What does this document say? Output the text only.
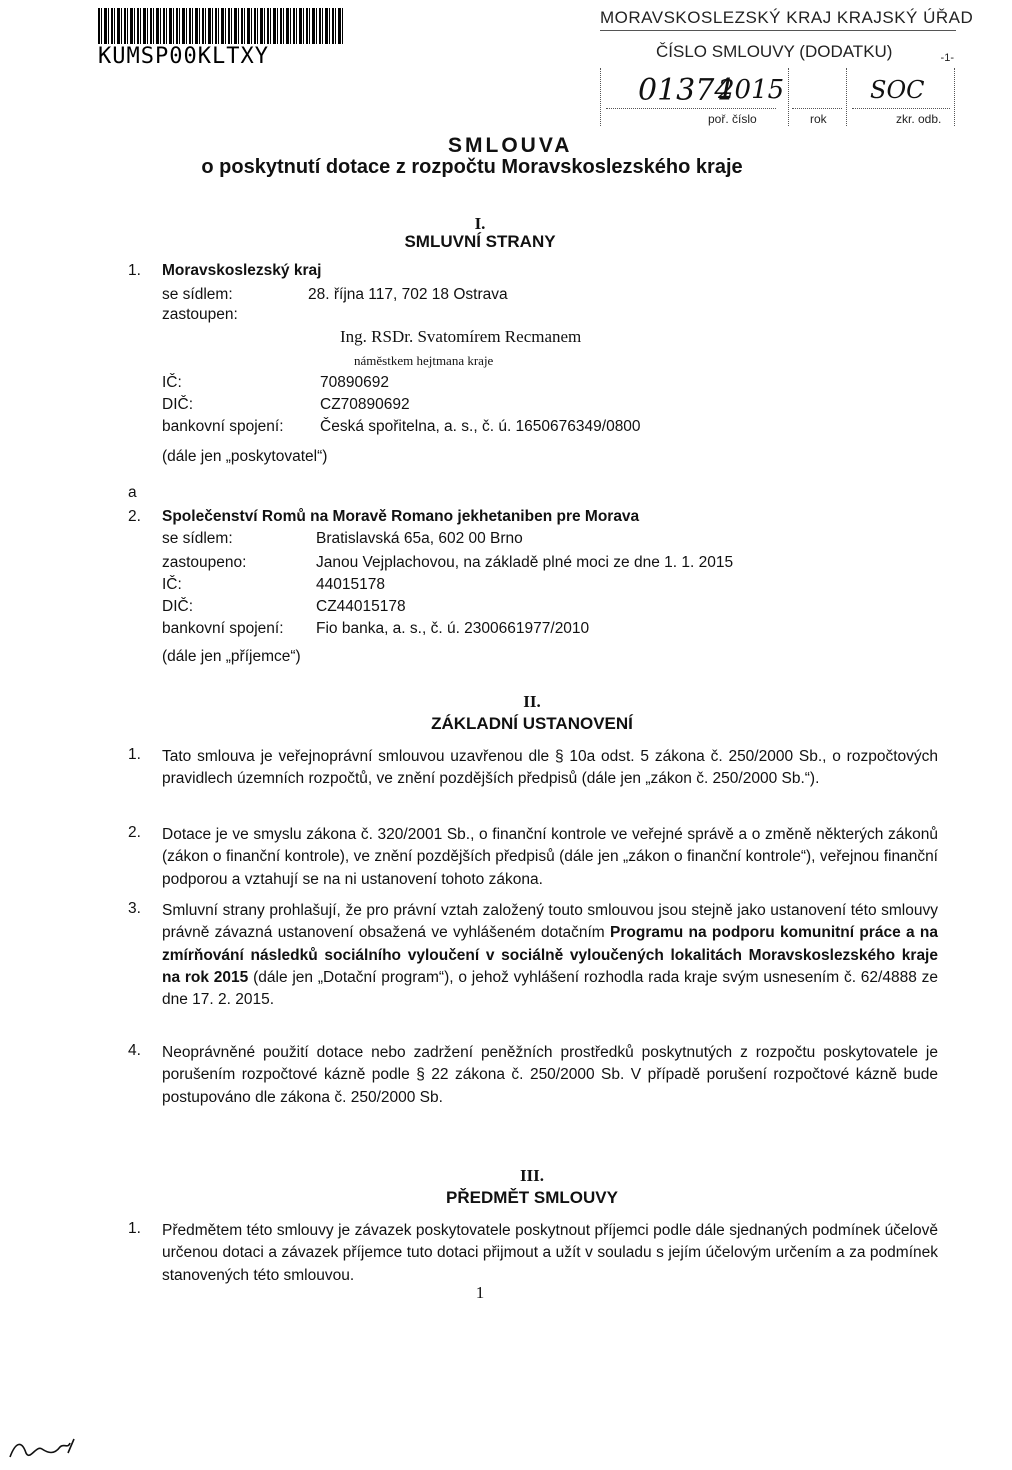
KUMSP00KLTXY
MORAVSKOSLEZSKÝ KRAJ KRAJSKÝ ÚŘAD
ČÍSLO SMLOUVY (DODATKU)	-1-
01374
2015	SOC
poř. číslo	rok	zkr. odb.
SMLOUVA
o poskytnutí dotace z rozpočtu Moravskoslezského kraje
I.
SMLUVNÍ STRANY
1. Moravskoslezský kraj
se sídlem:	28. října 117, 702 18 Ostrava
zastoupen:
Ing. RSDr. Svatomírem Recmanem
náměstkem hejtmana kraje
IČ:	70890692
DIČ:	CZ70890692
bankovní spojení: Česká spořitelna, a. s., č. ú. 1650676349/0800
(dále jen „poskytovatel“)
a
2. Společenství Romů na Moravě Romano jekhetaniben pre Morava
se sídlem:	Bratislavská 65a, 602 00 Brno
zastoupeno:	Janou Vejplachovou, na základě plné moci ze dne 1. 1. 2015
IČ:	44015178
DIČ:	CZ44015178
bankovní spojení: Fio banka, a. s., č. ú. 2300661977/2010
(dále jen „příjemce“)
II.
ZÁKLADNÍ USTANOVENÍ
1. Tato smlouva je veřejnoprávní smlouvou uzavřenou dle § 10a odst. 5 zákona č. 250/2000 Sb., o rozpočtových pravidlech územních rozpočtů, ve znění pozdějších předpisů (dále jen „zákon č. 250/2000 Sb.“).
2. Dotace je ve smyslu zákona č. 320/2001 Sb., o finanční kontrole ve veřejné správě a o změně některých zákonů (zákon o finanční kontrole), ve znění pozdějších předpisů (dále jen „zákon o finanční kontrole“), veřejnou finanční podporou a vztahují se na ni ustanovení tohoto zákona.
3. Smluvní strany prohlašují, že pro právní vztah založený touto smlouvou jsou stejně jako ustanovení této smlouvy právně závazná ustanovení obsažená ve vyhlášeném dotačním Programu na podporu komunitní práce a na zmírňování následků sociálního vyloučení v sociálně vyloučených lokalitách Moravskoslezského kraje na rok 2015 (dále jen „Dotační program“), o jehož vyhlášení rozhodla rada kraje svým usnesením č. 62/4888 ze dne 17. 2. 2015.
4. Neoprávněné použití dotace nebo zadržení peněžních prostředků poskytnutých z rozpočtu poskytovatele je porušením rozpočtové kázně podle § 22 zákona č. 250/2000 Sb. V případě porušení rozpočtové kázně bude postupováno dle zákona č. 250/2000 Sb.
III.
PŘEDMĚT SMLOUVY
1. Předmětem této smlouvy je závazek poskytovatele poskytnout příjemci podle dále sjednaných podmínek účelově určenou dotaci a závazek příjemce tuto dotaci přijmout a užít v souladu s jejím účelovým určením a za podmínek stanovených této smlouvou.
1
